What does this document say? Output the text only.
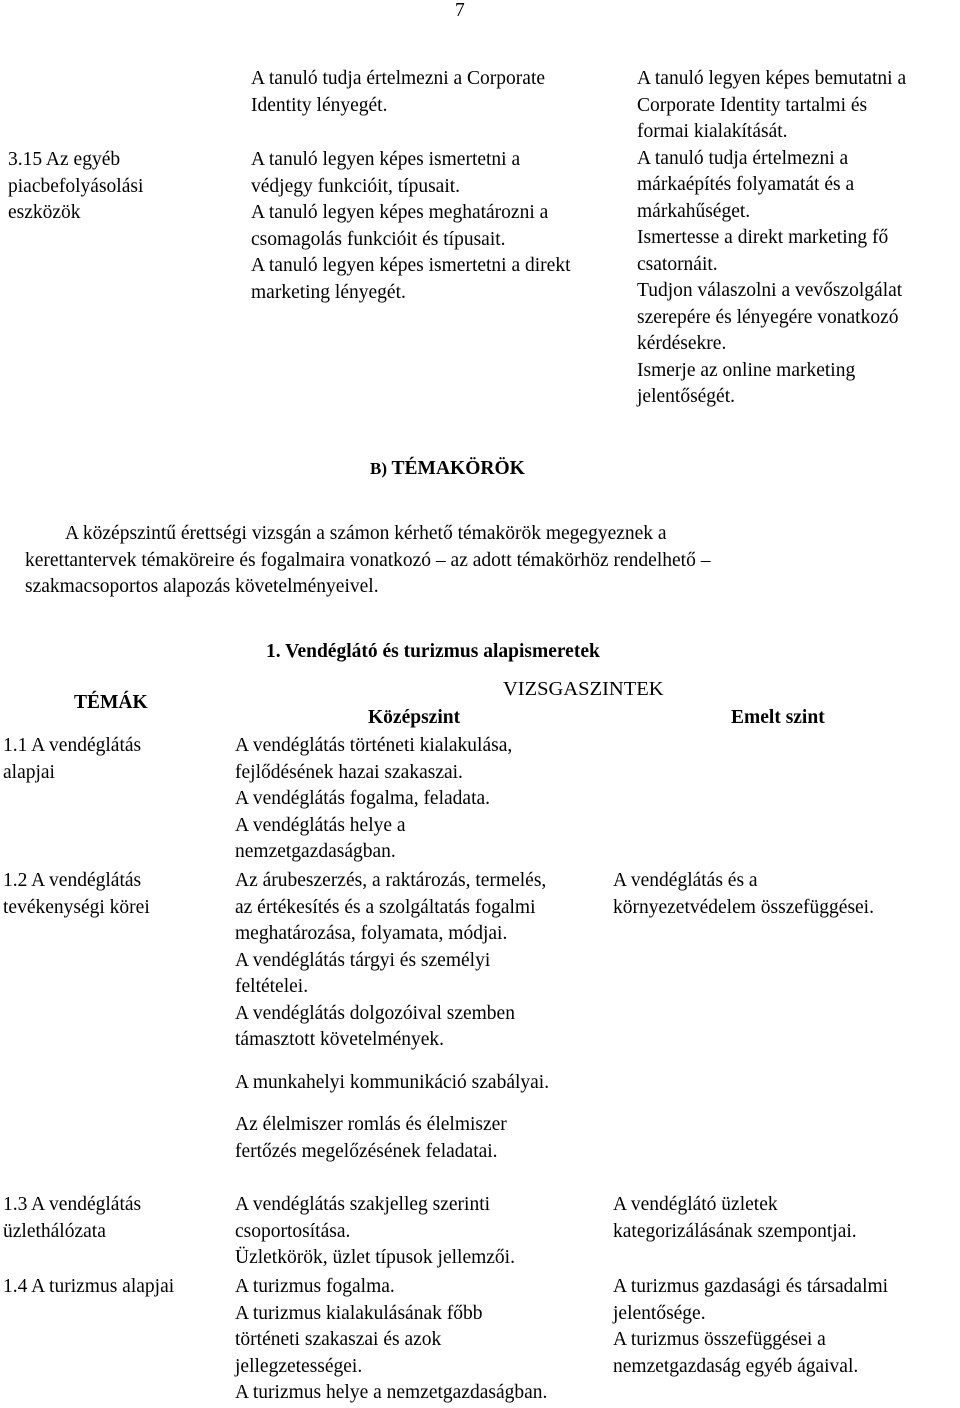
7
3.15 Az egyéb
piacbefolyásolási
eszközök
A tanuló tudja értelmezni a Corporate
Identity lényegét.
A tanuló legyen képes ismertetni a
védjegy funkcióit, típusait.
A tanuló legyen képes meghatározni a
csomagolás funkcióit és típusait.
A tanuló legyen képes ismertetni a direkt
marketing lényegét.
A tanuló legyen képes bemutatni a
Corporate Identity tartalmi és
formai kialakítását.
A tanuló tudja értelmezni a
márkaépítés folyamatát és a
márkahűséget.
Ismertesse a direkt marketing fő
csatornáit.
Tudjon válaszolni a vevőszolgálat
szerepére és lényegére vonatkozó
kérdésekre.
Ismerje az online marketing
jelentőségét.
B) TÉMAKÖRÖK
A középszintű érettségi vizsgán a számon kérhető témakörök megegyeznek a
kerettantervek témaköreire és fogalmaira vonatkozó – az adott témakörhöz rendelhető –
szakmacsoportos alapozás követelményeivel.
1. Vendéglátó és turizmus alapismeretek
TÉMÁK
VIZSGASZINTEK
Középszint	Emelt szint
1.1 A vendéglátás
alapjai
A vendéglátás történeti kialakulása,
fejlődésének hazai szakaszai.
A vendéglátás fogalma, feladata.
A vendéglátás helye a
nemzetgazdaságban.
1.2 A vendéglátás
tevékenységi körei
Az árubeszerzés, a raktározás, termelés,
az értékesítés és a szolgáltatás fogalmi
meghatározása, folyamata, módjai.
A vendéglátás tárgyi és személyi
feltételei.
A vendéglátás dolgozóival szemben
támasztott követelmények.
A munkahelyi kommunikáció szabályai.
Az élelmiszer romlás és élelmiszer
fertőzés megelőzésének feladatai.
A vendéglátás és a
környezetvédelem összefüggései.
1.3 A vendéglátás
üzlethálózata
A vendéglátás szakjelleg szerinti
csoportosítása.
Üzletkörök, üzlet típusok jellemzői.
A vendéglátó üzletek
kategorizálásának szempontjai.
1.4 A turizmus alapjai	A turizmus fogalma.
A turizmus kialakulásának főbb
történeti szakaszai és azok
jellegzetességei.
A turizmus helye a nemzetgazdaságban.
A turizmus gazdasági és társadalmi
jelentősége.
A turizmus összefüggései a
nemzetgazdaság egyéb ágaival.
